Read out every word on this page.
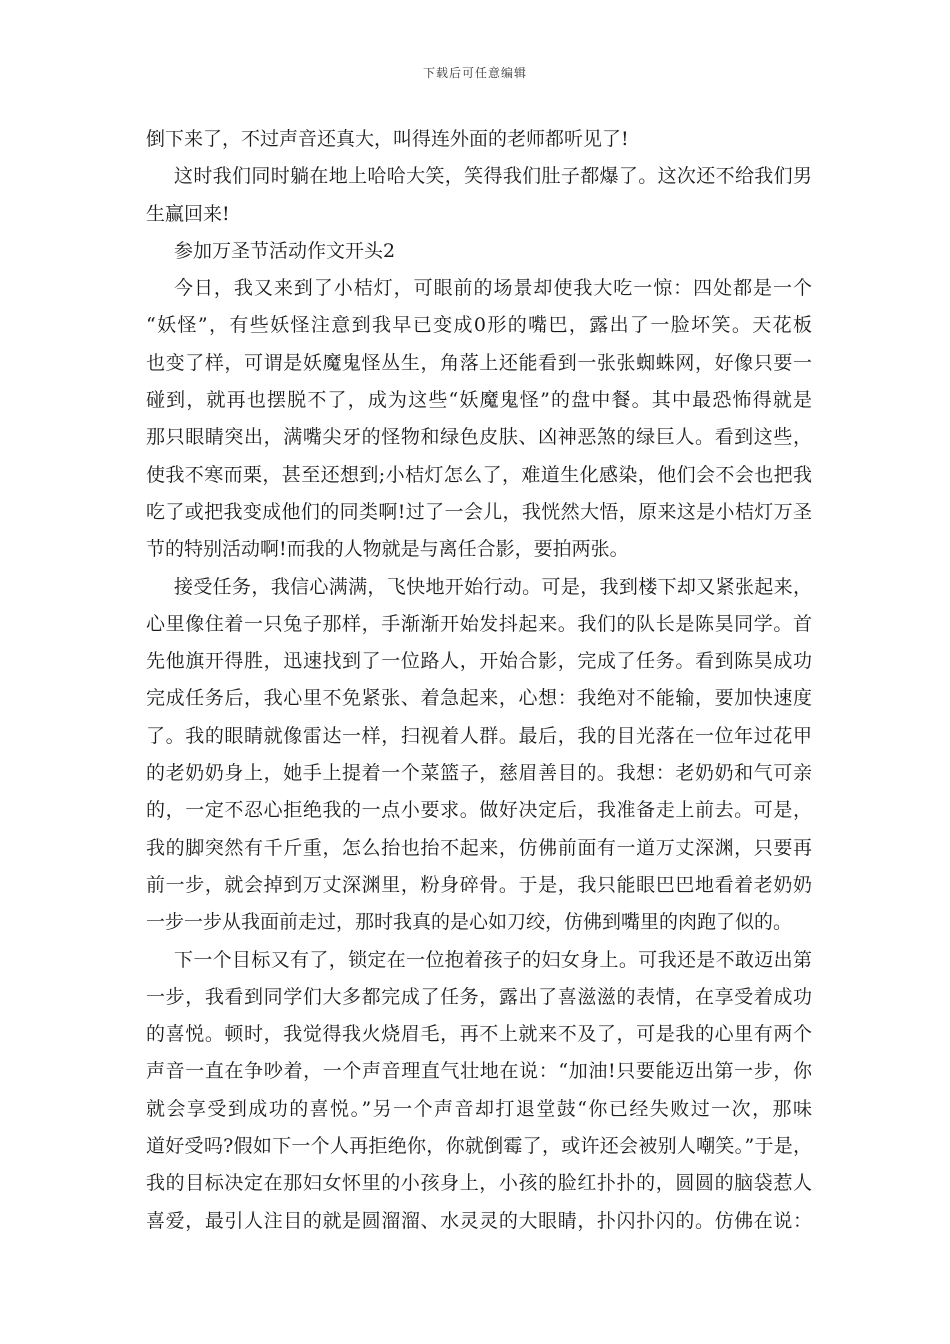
下载后可任意编辑
倒下来了，不过声音还真大，叫得连外面的老师都听见了!
这时我们同时躺在地上哈哈大笑，笑得我们肚子都爆了。这次还不给我们男
生赢回来!
参加万圣节活动作文开头2
今日，我又来到了小桔灯，可眼前的场景却使我大吃一惊：四处都是一个
“妖怪”，有些妖怪注意到我早已变成0形的嘴巴，露出了一脸坏笑。天花板
也变了样，可谓是妖魔鬼怪丛生，角落上还能看到一张张蜘蛛网，好像只要一
碰到，就再也摆脱不了，成为这些“妖魔鬼怪”的盘中餐。其中最恐怖得就是
那只眼睛突出，满嘴尖牙的怪物和绿色皮肤、凶神恶煞的绿巨人。看到这些，
使我不寒而栗，甚至还想到;小桔灯怎么了，难道生化感染，他们会不会也把我
吃了或把我变成他们的同类啊!过了一会儿，我恍然大悟，原来这是小桔灯万圣
节的特别活动啊!而我的人物就是与离任合影，要拍两张。
接受任务，我信心满满，飞快地开始行动。可是，我到楼下却又紧张起来，
心里像住着一只兔子那样，手渐渐开始发抖起来。我们的队长是陈昊同学。首
先他旗开得胜，迅速找到了一位路人，开始合影，完成了任务。看到陈昊成功
完成任务后，我心里不免紧张、着急起来，心想：我绝对不能输，要加快速度
了。我的眼睛就像雷达一样，扫视着人群。最后，我的目光落在一位年过花甲
的老奶奶身上，她手上提着一个菜篮子，慈眉善目的。我想：老奶奶和气可亲
的，一定不忍心拒绝我的一点小要求。做好决定后，我准备走上前去。可是，
我的脚突然有千斤重，怎么抬也抬不起来，仿佛前面有一道万丈深渊，只要再
前一步，就会掉到万丈深渊里，粉身碎骨。于是，我只能眼巴巴地看着老奶奶
一步一步从我面前走过，那时我真的是心如刀绞，仿佛到嘴里的肉跑了似的。
下一个目标又有了，锁定在一位抱着孩子的妇女身上。可我还是不敢迈出第
一步，我看到同学们大多都完成了任务，露出了喜滋滋的表情，在享受着成功
的喜悦。顿时，我觉得我火烧眉毛，再不上就来不及了，可是我的心里有两个
声音一直在争吵着，一个声音理直气壮地在说：“加油!只要能迈出第一步，你
就会享受到成功的喜悦。”另一个声音却打退堂鼓“你已经失败过一次，那味
道好受吗?假如下一个人再拒绝你，你就倒霉了，或许还会被别人嘲笑。”于是，
我的目标决定在那妇女怀里的小孩身上，小孩的脸红扑扑的，圆圆的脑袋惹人
喜爱，最引人注目的就是圆溜溜、水灵灵的大眼睛，扑闪扑闪的。仿佛在说：
